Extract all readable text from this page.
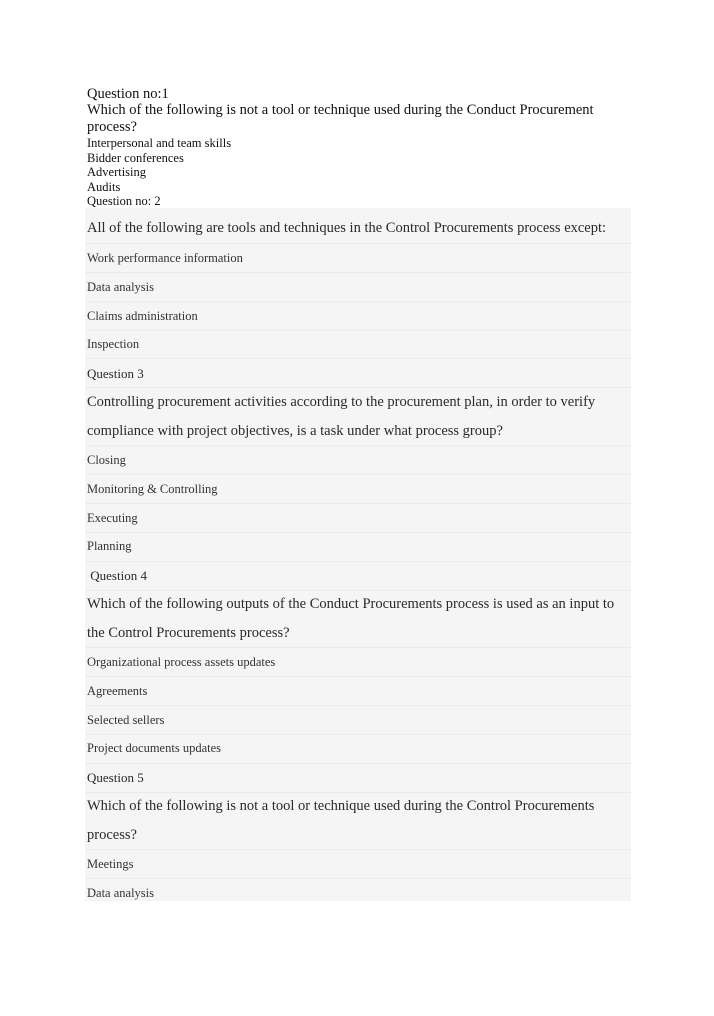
Question no:1

Which of the following is not a tool or technique used during the Conduct Procurement

process?

Interpersonal and team skills

Bidder conferences

Advertising

Audits

Question no: 2

All of the following are tools and techniques in the Control Procurements process except:
Work performance information
Data analysis
Claims administration
Inspection
Question 3
Controlling procurement activities according to the procurement plan, in order to verify
compliance with project objectives, is a task under what process group?
Closing
Monitoring & Controlling
Executing
Planning
Question 4
Which of the following outputs of the Conduct Procurements process is used as an input to
the Control Procurements process?
Organizational process assets updates
Agreements
Selected sellers
Project documents updates
Question 5
Which of the following is not a tool or technique used during the Control Procurements
process?
Meetings
Data analysis
